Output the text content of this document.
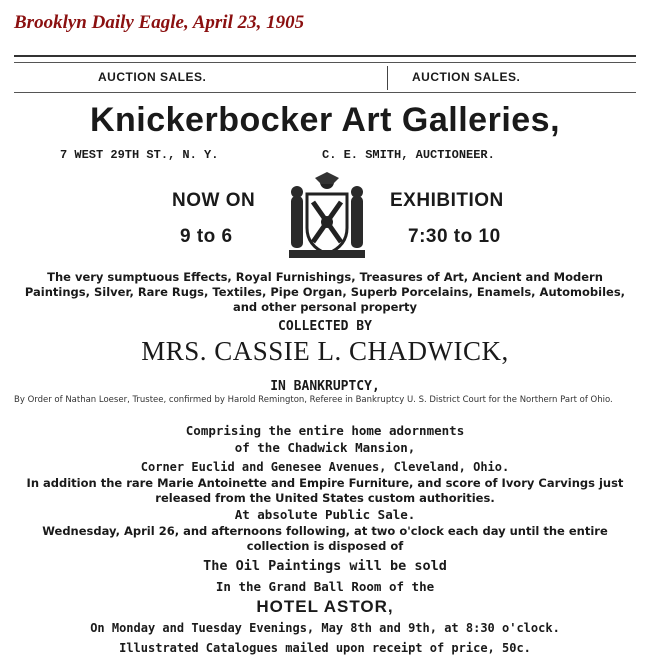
Brooklyn Daily Eagle, April 23, 1905
AUCTION SALES.	AUCTION SALES.
Knickerbocker Art Galleries,
7 WEST 29TH ST., N. Y.	C. E. SMITH, AUCTIONEER.
NOW ON	EXHIBITION
9 to 6	7:30 to 10
The very sumptuous Effects, Royal Furnishings, Treasures of Art, Ancient and Modern Paintings, Silver, Rare Rugs, Textiles, Pipe Organ, Superb Porcelains, Enamels, Automobiles, and other personal property
COLLECTED BY
MRS. CASSIE L. CHADWICK,
IN BANKRUPTCY,
By Order of Nathan Loeser, Trustee, confirmed by Harold Remington, Referee in Bankruptcy U. S. District Court for the Northern Part of Ohio.
Comprising the entire home adornments
of the Chadwick Mansion,
Corner Euclid and Genesee Avenues, Cleveland, Ohio.
In addition the rare Marie Antoinette and Empire Furniture, and score of Ivory Carvings just released from the United States custom authorities.
At absolute Public Sale.
Wednesday, April 26, and afternoons following, at two o'clock each day until the entire collection is disposed of
The Oil Paintings will be sold
In the Grand Ball Room of the
HOTEL ASTOR,
On Monday and Tuesday Evenings, May 8th and 9th, at 8:30 o'clock.
Illustrated Catalogues mailed upon receipt of price, 50c.
